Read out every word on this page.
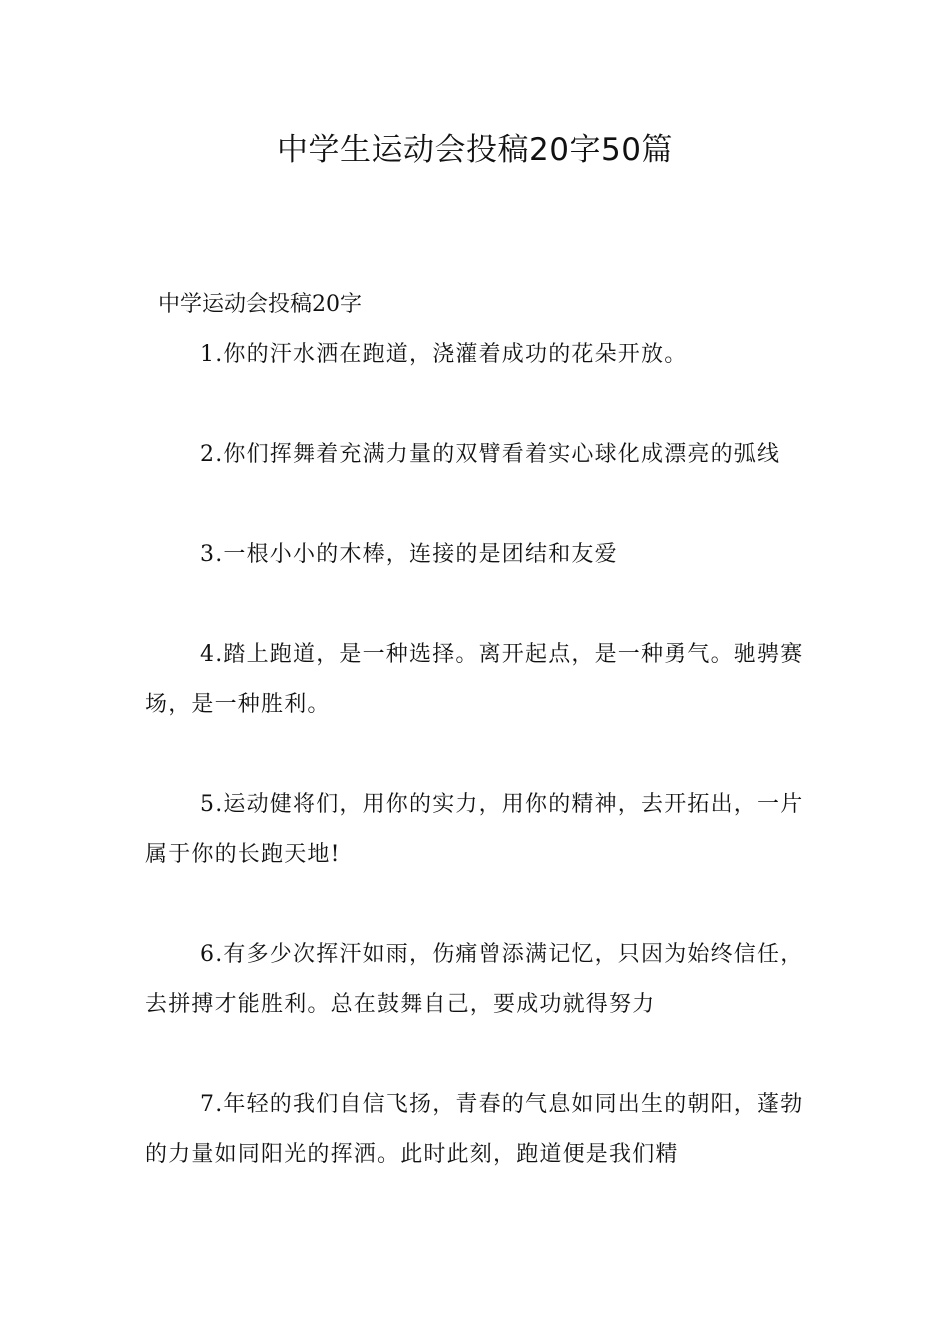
中学生运动会投稿20字50篇

中学运动会投稿20字

1.你的汗水洒在跑道，浇灌着成功的花朵开放。

2.你们挥舞着充满力量的双臂看着实心球化成漂亮的弧线

3.一根小小的木棒，连接的是团结和友爱

4.踏上跑道，是一种选择。离开起点，是一种勇气。驰骋赛场，是一种胜利。

5.运动健将们，用你的实力，用你的精神，去开拓出，一片属于你的长跑天地!

6.有多少次挥汗如雨，伤痛曾添满记忆，只因为始终信任，去拼搏才能胜利。总在鼓舞自己，要成功就得努力

7.年轻的我们自信飞扬，青春的气息如同出生的朝阳，蓬勃的力量如同阳光的挥洒。此时此刻，跑道便是我们精
